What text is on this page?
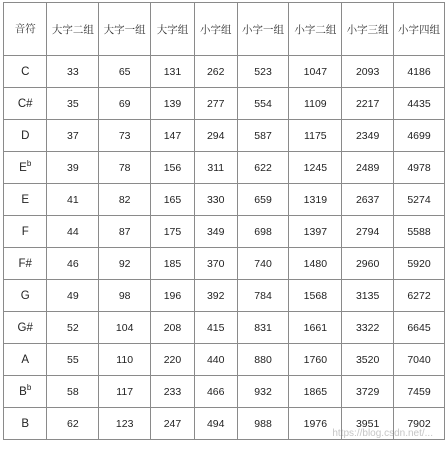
音符	大字二组	大字一组	大字组	小字组	小字一组	小字二组	小字三组	小字四组
C	33	65	131	262	523	1047	2093	4186
C#	35	69	139	277	554	1109	2217	4435
D	37	73	147	294	587	1175	2349	4699
$E^b$	39	78	156	311	622	1245	2489	4978
E	41	82	165	330	659	1319	2637	5274
F	44	87	175	349	698	1397	2794	5588
F#	46	92	185	370	740	1480	2960	5920
G	49	98	196	392	784	1568	3135	6272
G#	52	104	208	415	831	1661	3322	6645
A	55	110	220	440	880	1760	3520	7040
$B^b$	58	117	233	466	932	1865	3729	7459
B	62	123	247	494	988	1976	3951	7902
https://blog.csdn.net/...
